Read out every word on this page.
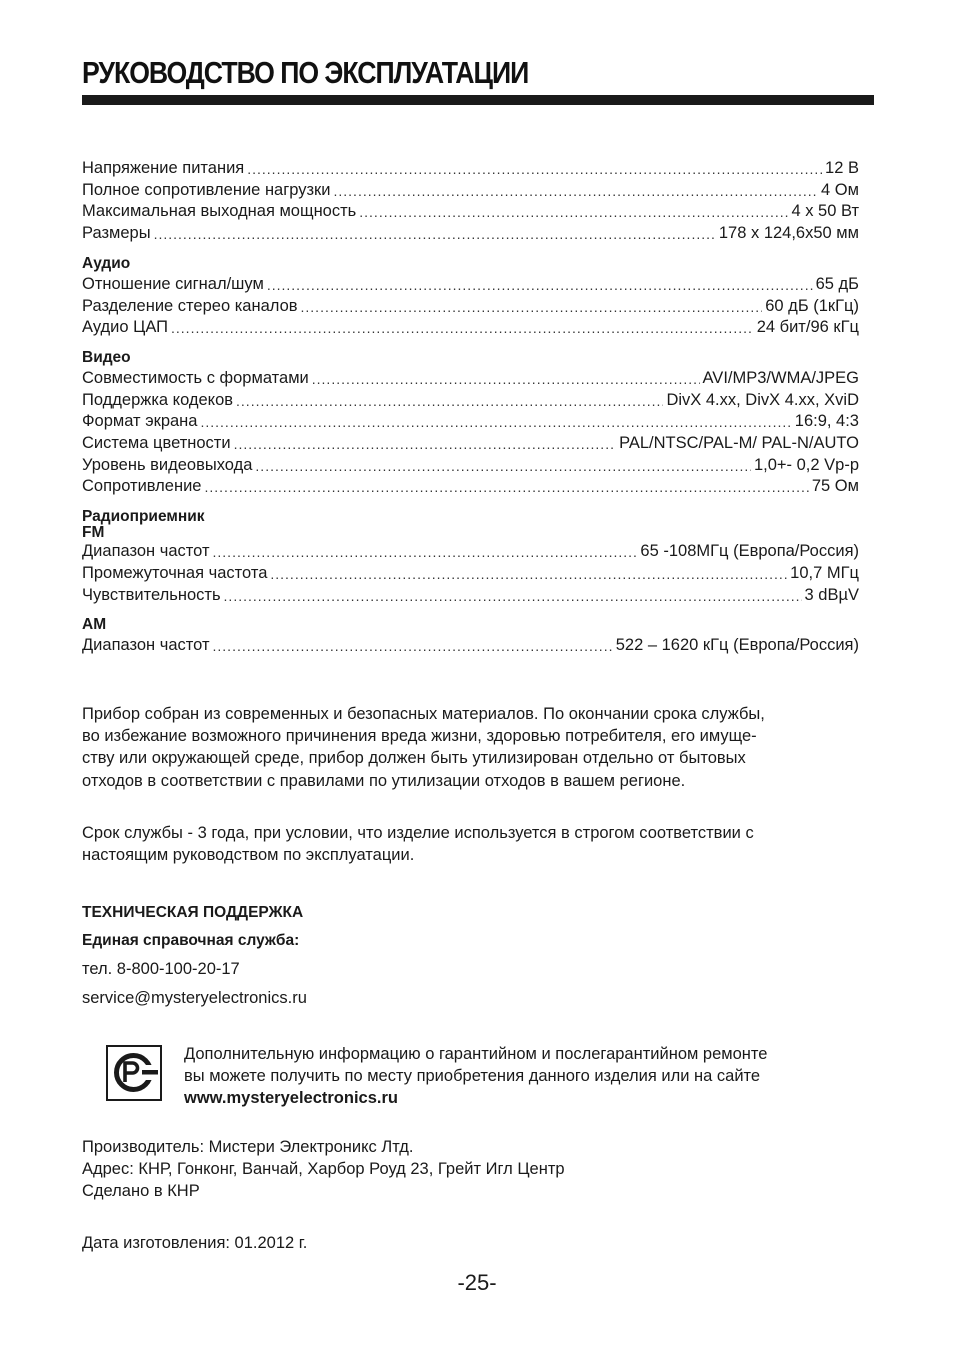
РУКОВОДСТВО ПО ЭКСПЛУАТАЦИИ
Напряжение питания .....	12 В
Полное сопротивление нагрузки .....	4 Ом
Максимальная выходная мощность .....	4 х 50 Вт
Размеры .....	178 х 124,6х50 мм
Аудио
Отношение сигнал/шум .....	65 дБ
Разделение стерео каналов .....	60 дБ (1кГц)
Аудио ЦАП .....	24 бит/96 кГц
Видео
Совместимость с форматами .....	AVI/MP3/WMA/JPEG
Поддержка кодеков .....	DivX 4.xx, DivX 4.xx, XviD
Формат экрана .....	16:9, 4:3
Система цветности .....	PAL/NTSC/PAL-M/ PAL-N/AUTO
Уровень видеовыхода .....	1,0+- 0,2 Vp-p
Сопротивление .....	75 Ом
Радиоприемник
FM
Диапазон частот .....	65 -108МГц (Европа/Россия)
Промежуточная частота .....	10,7 МГц
Чувствительность .....	3 dBµV
AM
Диапазон частот .....	522 – 1620 кГц (Европа/Россия)

Прибор собран из современных и безопасных материалов. По окончании срока службы,
во избежание возможного причинения вреда жизни, здоровью потребителя, его имуще-
ству или окружающей среде, прибор должен быть утилизирован отдельно от бытовых
отходов в соответствии с правилами по утилизации отходов в вашем регионе.

Срок службы - 3 года, при условии, что изделие используется в строгом соответствии с
настоящим руководством по эксплуатации.

ТЕХНИЧЕСКАЯ ПОДДЕРЖКА
Единая справочная служба:
тел. 8-800-100-20-17
service@mysteryelectronics.ru

Дополнительную информацию о гарантийном и послегарантийном ремонте
вы можете получить по месту приобретения данного изделия или на сайте
www.mysteryelectronics.ru

Производитель: Мистери Электроникс Лтд.
Адрес: КНР, Гонконг, Ванчай, Харбор Роуд 23, Грейт Игл Центр
Сделано в КНР

Дата изготовления: 01.2012 г.

-25-
